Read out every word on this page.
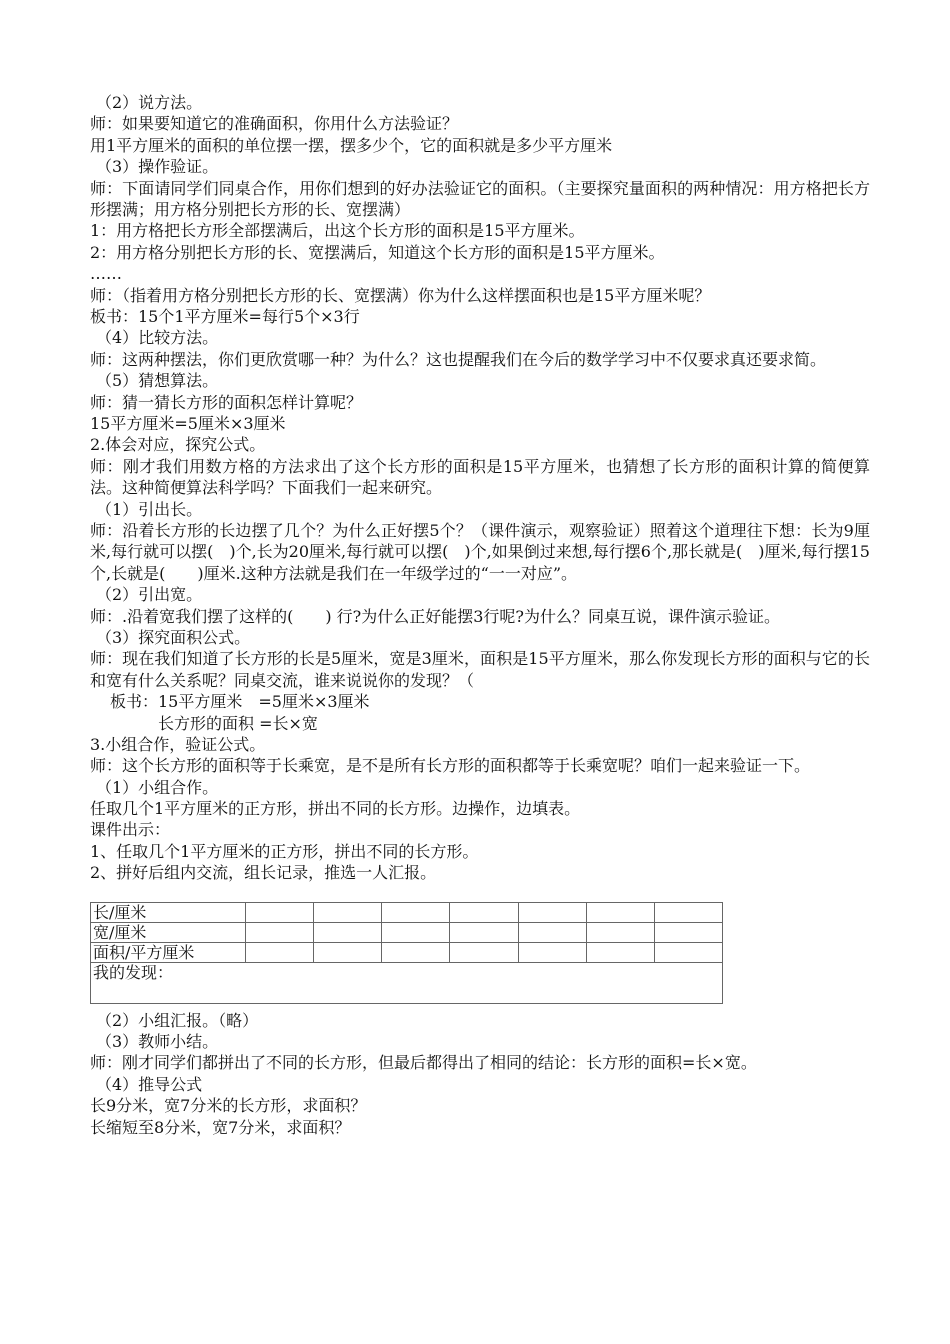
（2）说方法。
师：如果要知道它的准确面积，你用什么方法验证？
用1平方厘米的面积的单位摆一摆，摆多少个，它的面积就是多少平方厘米
（3）操作验证。
师：下面请同学们同桌合作，用你们想到的好办法验证它的面积。（主要探究量面积的两种情况：用方格把长方形摆满；用方格分别把长方形的长、宽摆满）
1：用方格把长方形全部摆满后，出这个长方形的面积是15平方厘米。
2：用方格分别把长方形的长、宽摆满后，知道这个长方形的面积是15平方厘米。
……
师：（指着用方格分别把长方形的长、宽摆满）你为什么这样摆面积也是15平方厘米呢？
板书：15个1平方厘米=每行5个×3行
（4）比较方法。
师：这两种摆法，你们更欣赏哪一种？为什么？这也提醒我们在今后的数学学习中不仅要求真还要求简。
（5）猜想算法。
师：猜一猜长方形的面积怎样计算呢？
15平方厘米=5厘米×3厘米
2.体会对应，探究公式。
师：刚才我们用数方格的方法求出了这个长方形的面积是15平方厘米，也猜想了长方形的面积计算的简便算法。这种简便算法科学吗？下面我们一起来研究。
（1）引出长。
师：沿着长方形的长边摆了几个？为什么正好摆5个？（课件演示，观察验证）照着这个道理往下想：长为9厘米,每行就可以摆(　)个,长为20厘米,每行就可以摆(　)个,如果倒过来想,每行摆6个,那长就是(　)厘米,每行摆15个,长就是(　　)厘米.这种方法就是我们在一年级学过的“一一对应”。
（2）引出宽。
师：.沿着宽我们摆了这样的(　　) 行?为什么正好能摆3行呢?为什么？同桌互说，课件演示验证。
（3）探究面积公式。
师：现在我们知道了长方形的长是5厘米，宽是3厘米，面积是15平方厘米，那么你发现长方形的面积与它的长和宽有什么关系呢？同桌交流，谁来说说你的发现？（
板书：15平方厘米　=5厘米×3厘米
长方形的面积 =长×宽
3.小组合作，验证公式。
师：这个长方形的面积等于长乘宽，是不是所有长方形的面积都等于长乘宽呢？咱们一起来验证一下。
（1）小组合作。
任取几个1平方厘米的正方形，拼出不同的长方形。边操作，边填表。
课件出示：
1、任取几个1平方厘米的正方形，拼出不同的长方形。
2、拼好后组内交流，组长记录，推选一人汇报。
长/厘米							
宽/厘米							
面积/平方厘米							
我的发现：							
（2）小组汇报。（略）
（3）教师小结。
师：刚才同学们都拼出了不同的长方形，但最后都得出了相同的结论：长方形的面积=长×宽。
（4）推导公式
长9分米，宽7分米的长方形，求面积？
长缩短至8分米，宽7分米，求面积？
